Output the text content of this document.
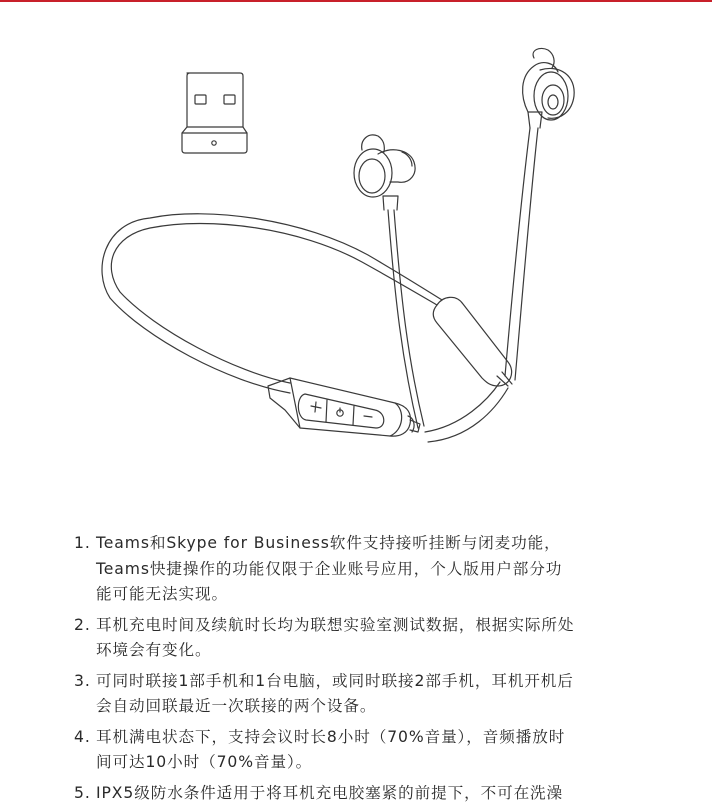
1. Teams和Skype for Business软件支持接听挂断与闭麦功能，
Teams快捷操作的功能仅限于企业账号应用，个人版用户部分功
能可能无法实现。
2. 耳机充电时间及续航时长均为联想实验室测试数据，根据实际所处
环境会有变化。
3. 可同时联接1部手机和1台电脑，或同时联接2部手机，耳机开机后
会自动回联最近一次联接的两个设备。
4. 耳机满电状态下，支持会议时长8小时（70%音量），音频播放时
间可达10小时（70%音量）。
5. IPX5级防水条件适用于将耳机充电胶塞紧的前提下，不可在洗澡
